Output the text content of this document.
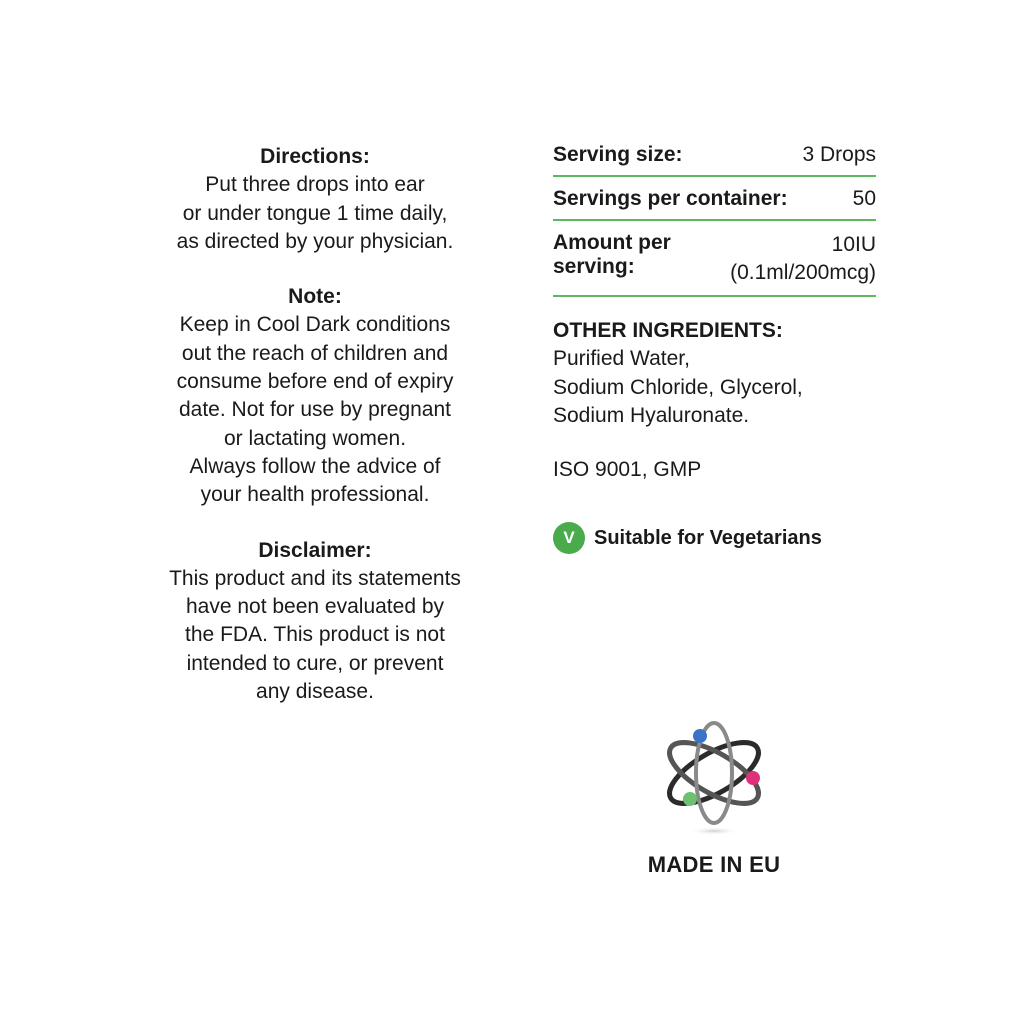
Directions:
Put three drops into ear
or under tongue 1 time daily,
as directed by your physician.
Note:
Keep in Cool Dark conditions
out the reach of children and
consume before end of expiry
date. Not for use by pregnant
or lactating women.
Always follow the advice of
your health professional.
Disclaimer:
This product and its statements
have not been evaluated by
the FDA. This product is not
intended to cure, or prevent
any disease.
Serving size:	3 Drops
Servings per container:	50
Amount per serving:
10IU
(0.1ml/200mcg)
OTHER INGREDIENTS:
Purified Water,
Sodium Chloride, Glycerol,
Sodium Hyaluronate.
ISO 9001, GMP
V Suitable for Vegetarians
MADE IN EU
